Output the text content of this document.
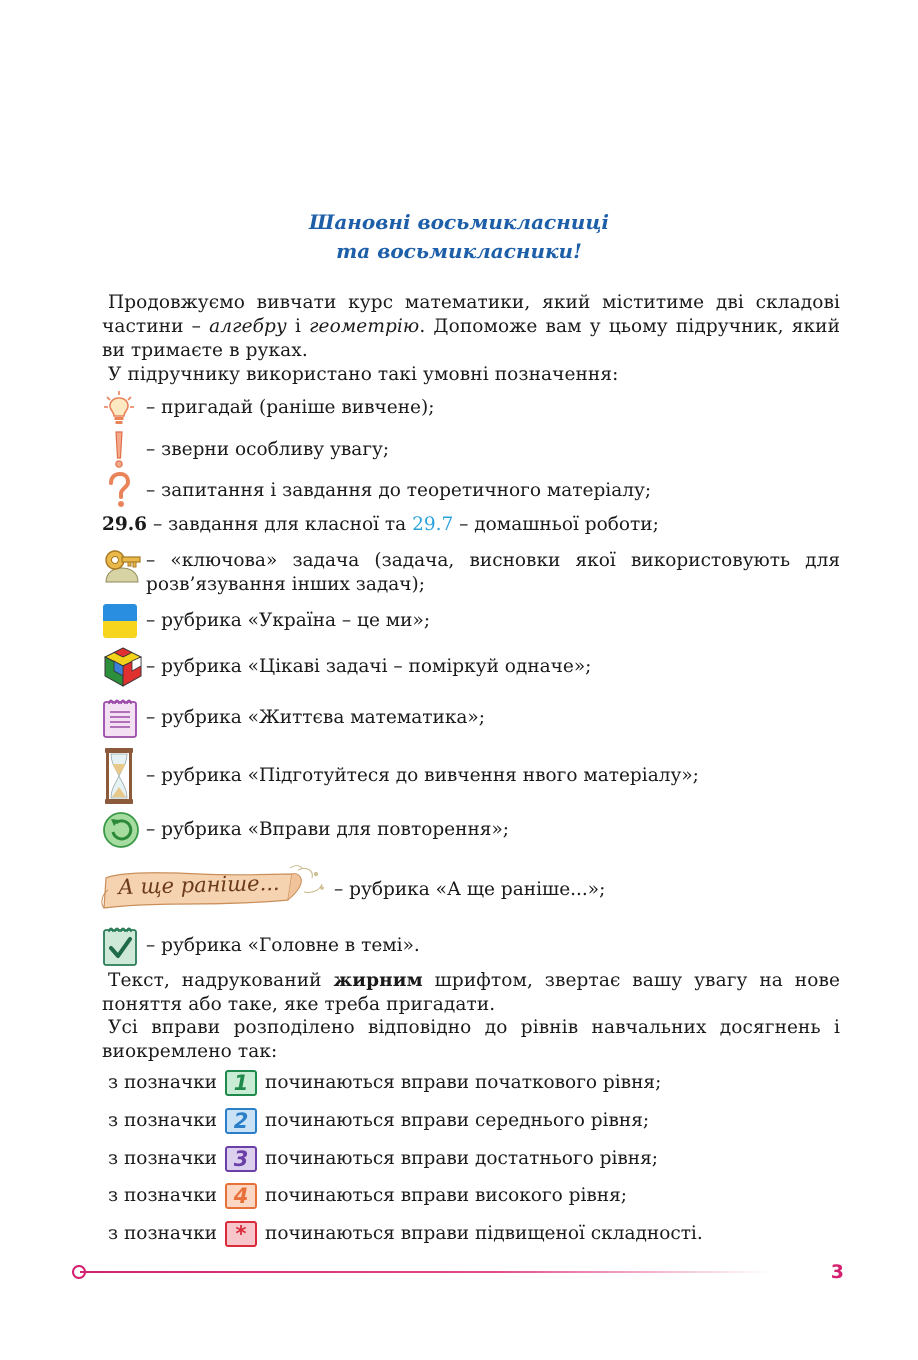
Шановні восьмикласниці
та восьмикласники!
Продовжуємо вивчати курс математики, який міститиме дві складові частини – алгебру і геометрію. Допоможе вам у цьому підручник, який ви тримаєте в руках.
У підручнику використано такі умовні позначення:
– пригадай (раніше вивчене);
– зверни особливу увагу;
– запитання і завдання до теоретичного матеріалу;
29.6 – завдання для класної та 29.7 – домашньої роботи;
– «ключова» задача (задача, висновки якої використовують для розв’язування інших задач);
– рубрика «Україна – це ми»;
– рубрика «Цікаві задачі – поміркуй одначе»;
– рубрика «Життєва математика»;
– рубрика «Підготуйтеся до вивчення нвого матеріалу»;
– рубрика «Вправи для повторення»;
А ще раніше...	– рубрика «А ще раніше...»;
– рубрика «Головне в темі».
Текст, надрукований жирним шрифтом, звертає вашу увагу на нове поняття або таке, яке треба пригадати.
Усі вправи розподілено відповідно до рівнів навчальних досягнень і виокремлено так:
з позначки 1 починаються вправи початкового рівня;
з позначки 2 починаються вправи середнього рівня;
з позначки 3 починаються вправи достатнього рівня;
з позначки 4 починаються вправи високого рівня;
з позначки *	починаються вправи підвищеної складності.
3
